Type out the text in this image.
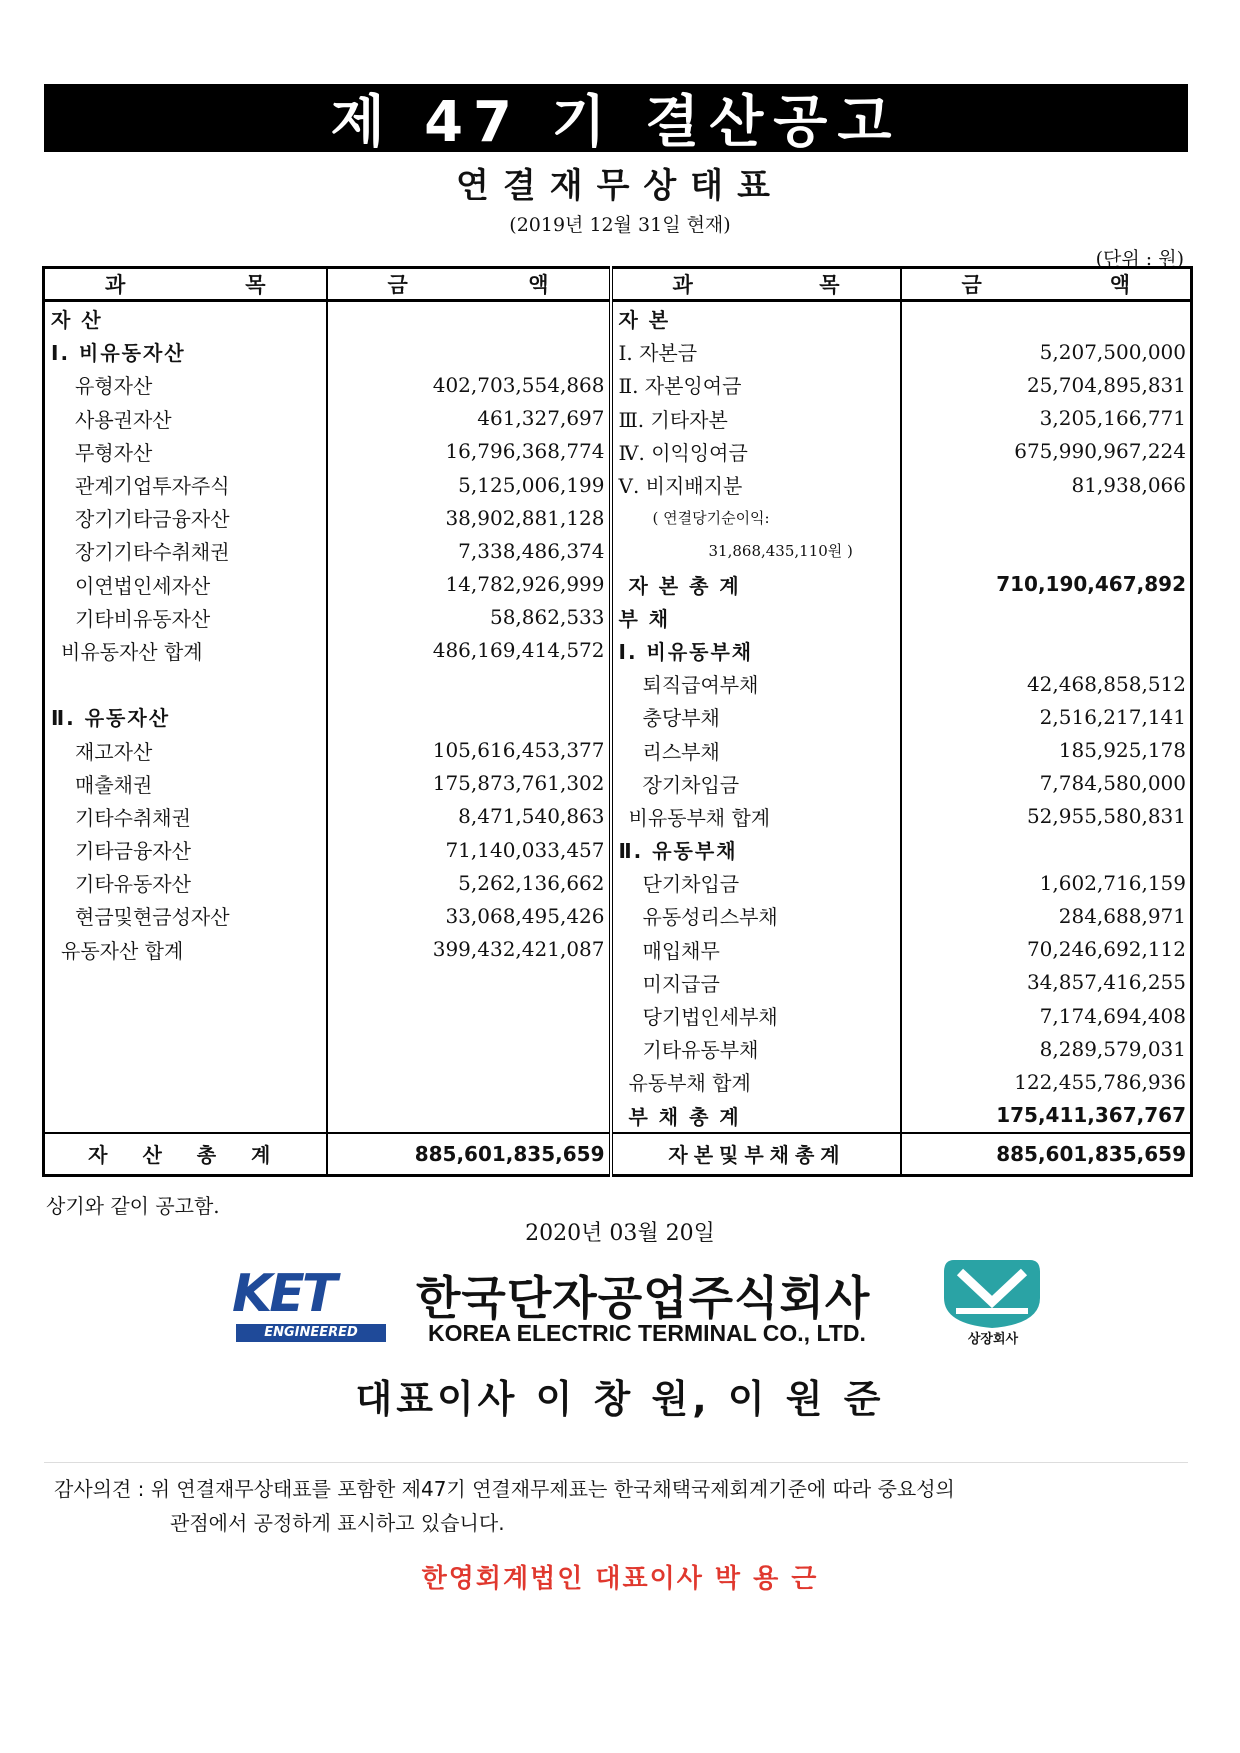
제 47 기 결산공고
연결재무상태표
(2019년 12월 31일 현재)
(단위 : 원)
과 목	금 액	과 목	금 액

자 산		자 본	
Ⅰ. 비유동자산		Ⅰ. 자본금	5,207,500,000
유형자산	402,703,554,868	Ⅱ. 자본잉여금	25,704,895,831
사용권자산	461,327,697	Ⅲ. 기타자본	3,205,166,771
무형자산	16,796,368,774	Ⅳ. 이익잉여금	675,990,967,224
관계기업투자주식	5,125,006,199	Ⅴ. 비지배지분	81,938,066
장기기타금융자산	38,902,881,128	( 연결당기순이익:	
장기기타수취채권	7,338,486,374	31,868,435,110원 )	
이연법인세자산	14,782,926,999	자 본 총 계	710,190,467,892
기타비유동자산	58,862,533	부 채	
비유동자산 합계	486,169,414,572	Ⅰ. 비유동부채	
		퇴직급여부채	42,468,858,512
Ⅱ. 유동자산		충당부채	2,516,217,141
재고자산	105,616,453,377	리스부채	185,925,178
매출채권	175,873,761,302	장기차입금	7,784,580,000
기타수취채권	8,471,540,863	비유동부채 합계	52,955,580,831
기타금융자산	71,140,033,457	Ⅱ. 유동부채	
기타유동자산	5,262,136,662	단기차입금	1,602,716,159
현금및현금성자산	33,068,495,426	유동성리스부채	284,688,971
유동자산 합계	399,432,421,087	매입채무	70,246,692,112
		미지급금	34,857,416,255
		당기법인세부채	7,174,694,408
		기타유동부채	8,289,579,031
		유동부채 합계	122,455,786,936
		부 채 총 계	175,411,367,767
자 산 총 계	885,601,835,659	자본및부채총계	885,601,835,659
상기와 같이 공고함.
2020년 03월 20일
KET
ENGINEERED
한국단자공업주식회사
KOREA ELECTRIC TERMINAL CO., LTD.	상장회사
대표이사 이 창 원, 이 원 준
감사의견 : 위 연결재무상태표를 포함한 제47기 연결재무제표는 한국채택국제회계기준에 따라 중요성의
관점에서 공정하게 표시하고 있습니다.
한영회계법인 대표이사 박 용 근
